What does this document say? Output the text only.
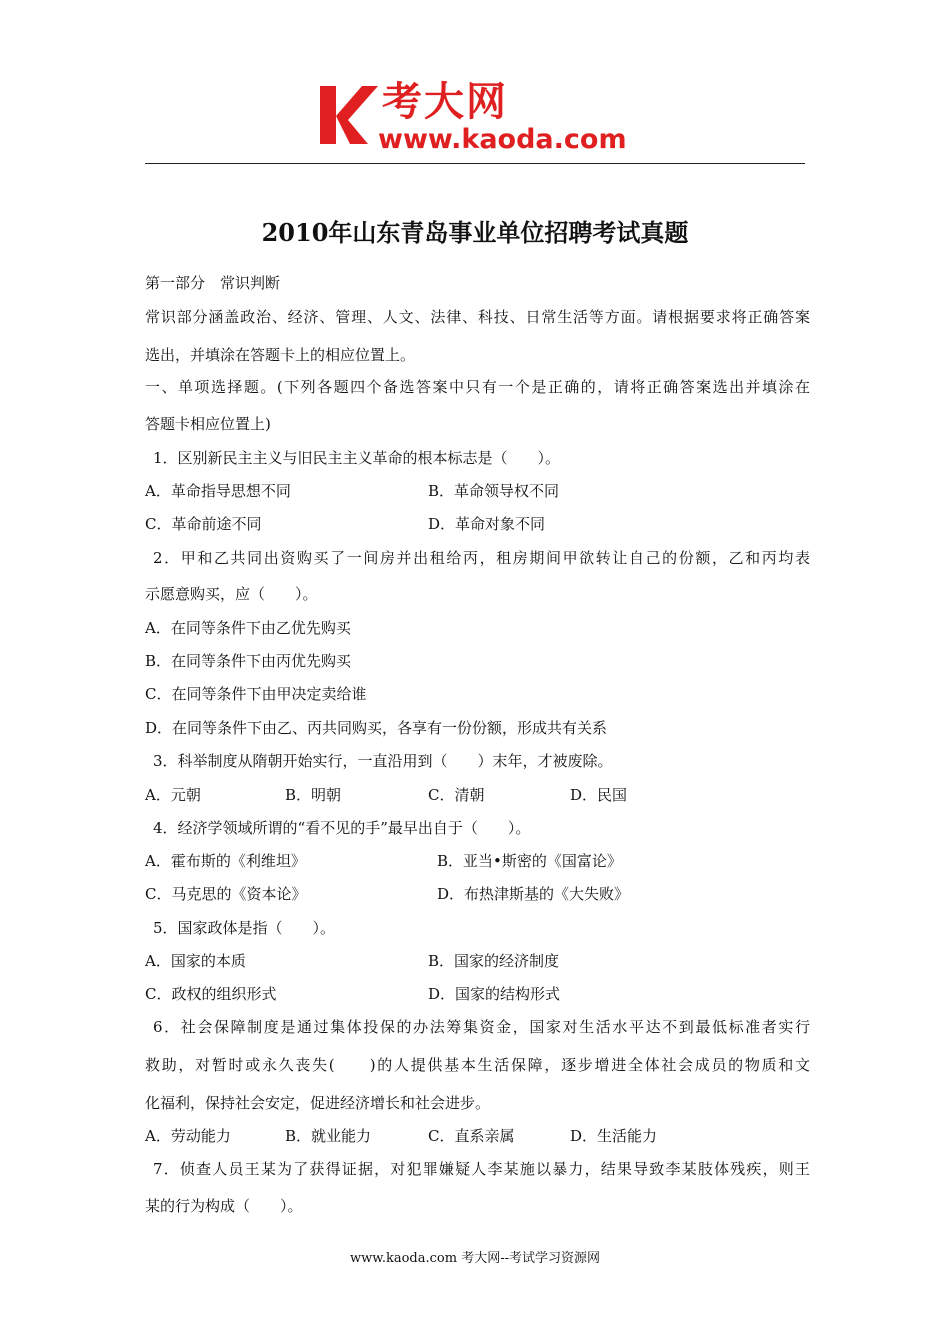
考大网
www.kaoda.com
2010年山东青岛事业单位招聘考试真题
第一部分　常识判断
常识部分涵盖政治、经济、管理、人文、法律、科技、日常生活等方面。请根据要求将正确答案
选出，并填涂在答题卡上的相应位置上。
一、单项选择题。(下列各题四个备选答案中只有一个是正确的，请将正确答案选出并填涂在
答题卡相应位置上)
1．区别新民主主义与旧民主主义革命的根本标志是（　　）。
A．革命指导思想不同	B．革命领导权不同
C．革命前途不同	D．革命对象不同
2．甲和乙共同出资购买了一间房并出租给丙，租房期间甲欲转让自己的份额，乙和丙均表
示愿意购买，应（　　）。
A．在同等条件下由乙优先购买
B．在同等条件下由丙优先购买
C．在同等条件下由甲决定卖给谁
D．在同等条件下由乙、丙共同购买，各享有一份份额，形成共有关系
3．科举制度从隋朝开始实行，一直沿用到（　　）末年，才被废除。
A．元朝	B．明朝	C．清朝	D．民国
4．经济学领域所谓的“看不见的手”最早出自于（　　）。
A．霍布斯的《利维坦》	B．亚当•斯密的《国富论》
C．马克思的《资本论》	D．布热津斯基的《大失败》
5．国家政体是指（　　）。
A．国家的本质	B．国家的经济制度
C．政权的组织形式	D．国家的结构形式
6．社会保障制度是通过集体投保的办法筹集资金，国家对生活水平达不到最低标准者实行
救助，对暂时或永久丧失(　　)的人提供基本生活保障，逐步增进全体社会成员的物质和文
化福利，保持社会安定，促进经济增长和社会进步。
A．劳动能力	B．就业能力	C．直系亲属	D．生活能力
7．侦查人员王某为了获得证据，对犯罪嫌疑人李某施以暴力，结果导致李某肢体残疾，则王
某的行为构成（　　）。
www.kaoda.com 考大网--考试学习资源网
